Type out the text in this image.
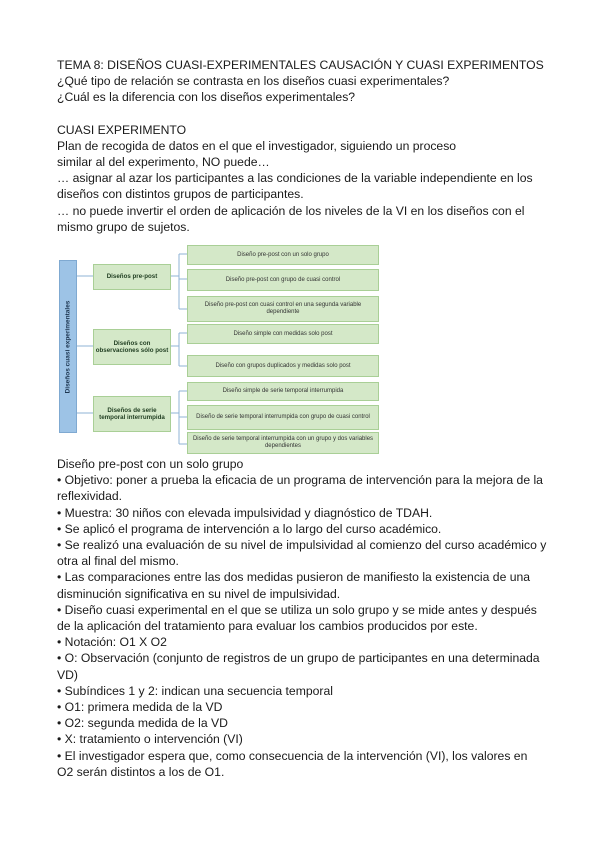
TEMA 8: DISEÑOS CUASI-EXPERIMENTALES CAUSACIÓN Y CUASI EXPERIMENTOS
¿Qué tipo de relación se contrasta en los diseños cuasi experimentales?
¿Cuál es la diferencia con los diseños experimentales?
CUASI EXPERIMENTO
Plan de recogida de datos en el que el investigador, siguiendo un proceso
similar al del experimento, NO puede…
… asignar al azar los participantes a las condiciones de la variable independiente en los
diseños con distintos grupos de participantes.
… no puede invertir el orden de aplicación de los niveles de la VI en los diseños con el
mismo grupo de sujetos.
Diseños cuasi experimentales
Diseños pre-post
Diseños con observaciones sólo post
Diseños de serie temporal interrumpida
Diseño pre-post con un solo grupo
Diseño pre-post con grupo de cuasi control
Diseño pre-post con cuasi control en una segunda variable dependiente
Diseño simple con medidas solo post
Diseño con grupos duplicados y medidas solo post
Diseño simple de serie temporal interrumpida
Diseño de serie temporal interrumpida con grupo de cuasi control
Diseño de serie temporal interrumpida con un grupo y dos variables dependientes
Diseño pre-post con un solo grupo
• Objetivo: poner a prueba la eficacia de un programa de intervención para la mejora de la
reflexividad.
• Muestra: 30 niños con elevada impulsividad y diagnóstico de TDAH.
• Se aplicó el programa de intervención a lo largo del curso académico.
• Se realizó una evaluación de su nivel de impulsividad al comienzo del curso académico y
otra al final del mismo.
• Las comparaciones entre las dos medidas pusieron de manifiesto la existencia de una
disminución significativa en su nivel de impulsividad.
• Diseño cuasi experimental en el que se utiliza un solo grupo y se mide antes y después
de la aplicación del tratamiento para evaluar los cambios producidos por este.
• Notación: O1 X O2
• O: Observación (conjunto de registros de un grupo de participantes en una determinada
VD)
• Subíndices 1 y 2: indican una secuencia temporal
• O1: primera medida de la VD
• O2: segunda medida de la VD
• X: tratamiento o intervención (VI)
• El investigador espera que, como consecuencia de la intervención (VI), los valores en
O2 serán distintos a los de O1.
